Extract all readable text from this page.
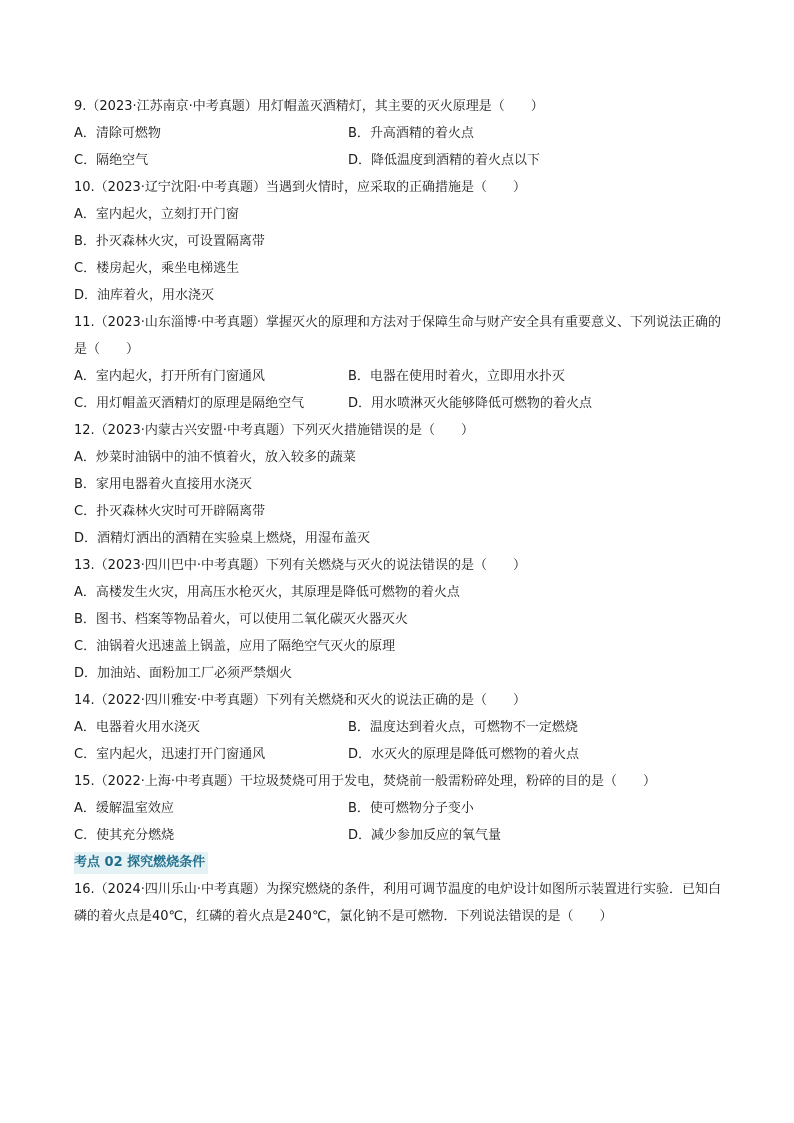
9.（2023·江苏南京·中考真题）用灯帽盖灭酒精灯，其主要的灭火原理是（　　）
A．清除可燃物	B．升高酒精的着火点
C．隔绝空气	D．降低温度到酒精的着火点以下
10.（2023·辽宁沈阳·中考真题）当遇到火情时，应采取的正确措施是（　　）
A．室内起火，立刻打开门窗
B．扑灭森林火灾，可设置隔离带
C．楼房起火，乘坐电梯逃生
D．油库着火，用水浇灭
11.（2023·山东淄博·中考真题）掌握灭火的原理和方法对于保障生命与财产安全具有重要意义、下列说法正确的是（　　）
A．室内起火，打开所有门窗通风	B．电器在使用时着火，立即用水扑灭
C．用灯帽盖灭酒精灯的原理是隔绝空气	D．用水喷淋灭火能够降低可燃物的着火点
12.（2023·内蒙古兴安盟·中考真题）下列灭火措施错误的是（　　）
A．炒菜时油锅中的油不慎着火，放入较多的蔬菜
B．家用电器着火直接用水浇灭
C．扑灭森林火灾时可开辟隔离带
D．酒精灯洒出的酒精在实验桌上燃烧，用湿布盖灭
13.（2023·四川巴中·中考真题）下列有关燃烧与灭火的说法错误的是（　　）
A．高楼发生火灾，用高压水枪灭火，其原理是降低可燃物的着火点
B．图书、档案等物品着火，可以使用二氧化碳灭火器灭火
C．油锅着火迅速盖上锅盖，应用了隔绝空气灭火的原理
D．加油站、面粉加工厂必须严禁烟火
14.（2022·四川雅安·中考真题）下列有关燃烧和灭火的说法正确的是（　　）
A．电器着火用水浇灭	B．温度达到着火点，可燃物不一定燃烧
C．室内起火，迅速打开门窗通风	D．水灭火的原理是降低可燃物的着火点
15.（2022·上海·中考真题）干垃圾焚烧可用于发电，焚烧前一般需粉碎处理，粉碎的目的是（　　）
A．缓解温室效应	B．使可燃物分子变小
C．使其充分燃烧	D．减少参加反应的氧气量
考点 02 探究燃烧条件
16.（2024·四川乐山·中考真题）为探究燃烧的条件，利用可调节温度的电炉设计如图所示装置进行实验．已知白磷的着火点是40℃，红磷的着火点是240℃，氯化钠不是可燃物．下列说法错误的是（　　）
